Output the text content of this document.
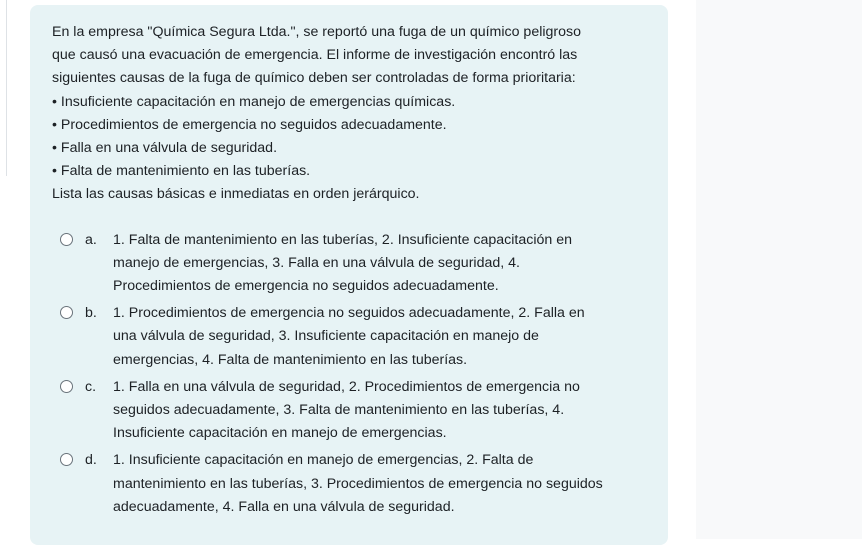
En la empresa "Química Segura Ltda.", se reportó una fuga de un químico peligroso
que causó una evacuación de emergencia. El informe de investigación encontró las
siguientes causas de la fuga de químico deben ser controladas de forma prioritaria:
• Insuficiente capacitación en manejo de emergencias químicas.
• Procedimientos de emergencia no seguidos adecuadamente.
• Falla en una válvula de seguridad.
• Falta de mantenimiento en las tuberías.
Lista las causas básicas e inmediatas en orden jerárquico.

a. 1. Falta de mantenimiento en las tuberías, 2. Insuficiente capacitación en
manejo de emergencias, 3. Falla en una válvula de seguridad, 4.
Procedimientos de emergencia no seguidos adecuadamente.
b. 1. Procedimientos de emergencia no seguidos adecuadamente, 2. Falla en
una válvula de seguridad, 3. Insuficiente capacitación en manejo de
emergencias, 4. Falta de mantenimiento en las tuberías.
c. 1. Falla en una válvula de seguridad, 2. Procedimientos de emergencia no
seguidos adecuadamente, 3. Falta de mantenimiento en las tuberías, 4.
Insuficiente capacitación en manejo de emergencias.
d. 1. Insuficiente capacitación en manejo de emergencias, 2. Falta de
mantenimiento en las tuberías, 3. Procedimientos de emergencia no seguidos
adecuadamente, 4. Falla en una válvula de seguridad.
